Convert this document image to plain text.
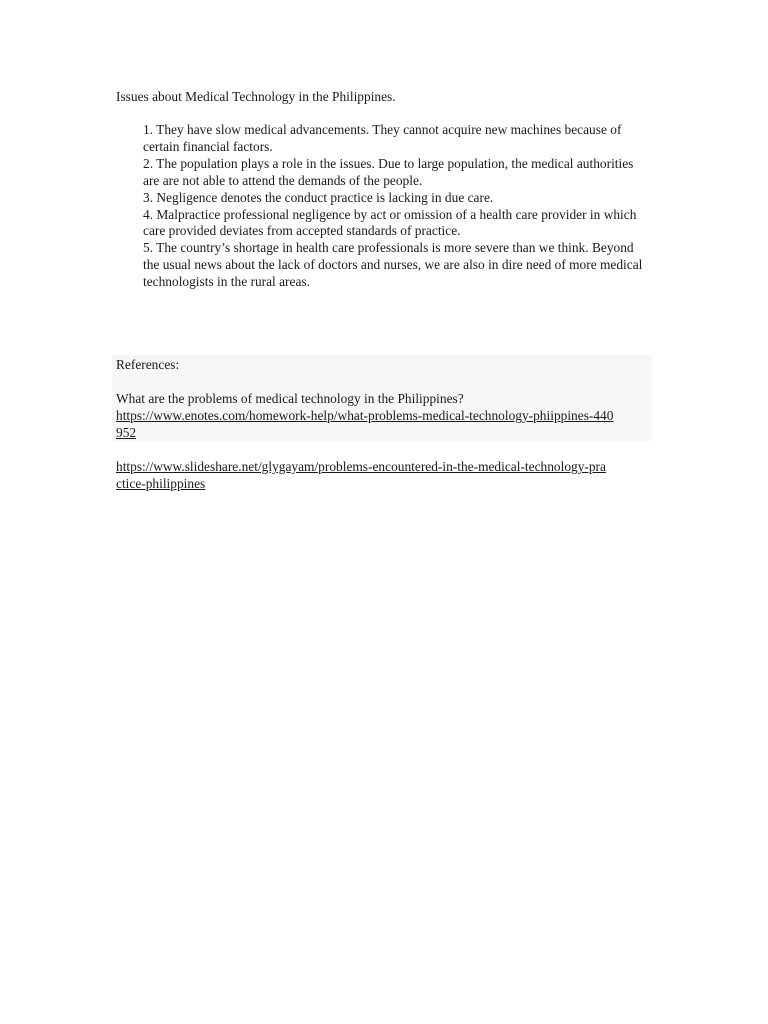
Issues about Medical Technology in the Philippines.

1. They have slow medical advancements. They cannot acquire new machines because of certain financial factors.
2. The population plays a role in the issues. Due to large population, the medical authorities are are not able to attend the demands of the people.
3. Negligence denotes the conduct practice is lacking in due care.
4. Malpractice professional negligence by act or omission of a health care provider in which care provided deviates from accepted standards of practice.
5. The country’s shortage in health care professionals is more severe than we think. Beyond the usual news about the lack of doctors and nurses, we are also in dire need of more medical technologists in the rural areas.

References:

What are the problems of medical technology in the Philippines?

https://www.enotes.com/homework-help/what-problems-medical-technology-phiippines-440952
https://www.slideshare.net/glygayam/problems-encountered-in-the-medical-technology-practice-philippines
